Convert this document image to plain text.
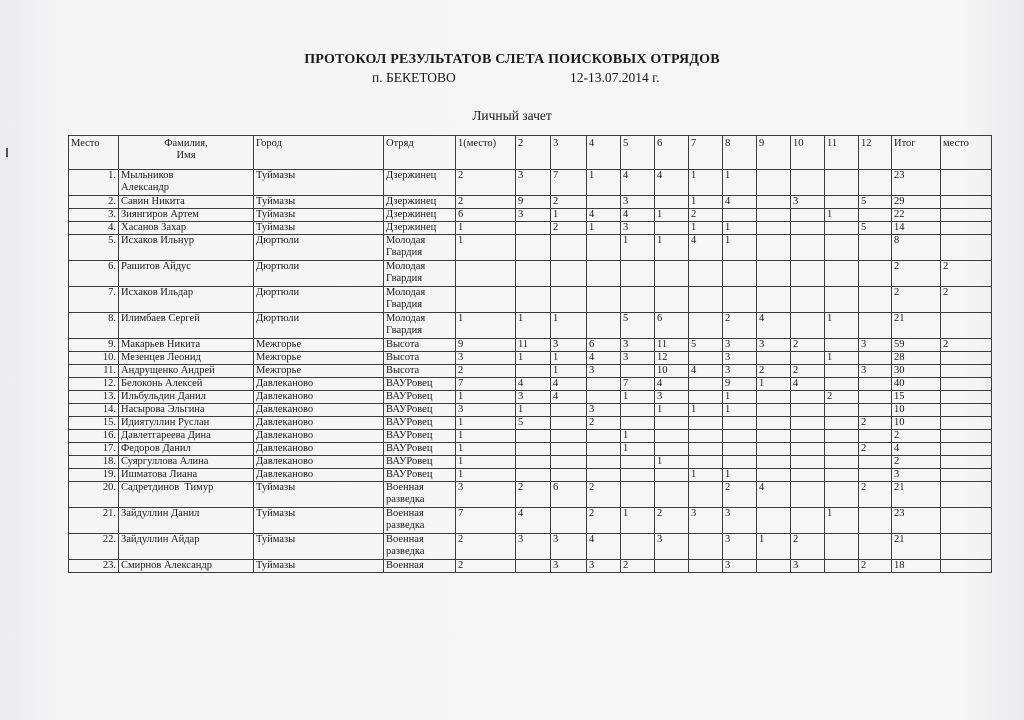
ПРОТОКОЛ РЕЗУЛЬТАТОВ СЛЕТА ПОИСКОВЫХ ОТРЯДОВ
п. БЕКЕТОВО	12-13.07.2014 г.
Личный зачет
Место	Фамилия,
Имя	Город	Отряд	1(место)	2	3	4	5	6	7	8	9	10	11	12	Итог	место
1.	Мыльников
Александр	Туймазы	Дзержинец	2	3	7	1	4	4	1	1					23	
2.	Савин Никита	Туймазы	Дзержинец	2	9	2		3		1	4		3		5	29	
3.	Зиянгиров Артем	Туймазы	Дзержинец	6	3	1	4	4	1	2				1		22	
4.	Хасанов Захар	Туймазы	Дзержинец	1		2	1	3		1	1				5	14	
5.	Исхаков Ильнур	Дюртюли	Молодая
Гвардия	1				1	1	4	1					8	
6.	Рашитов Айдус	Дюртюли	Молодая
Гвардия													2	2
7.	Исхаков Ильдар	Дюртюли	Молодая
Гвардия													2	2
8.	Илимбаев Сергей	Дюртюли	Молодая
Гвардия	1	1	1		5	6		2	4		1		21	
9.	Макарьев Никита	Межгорье	Высота	9	11	3	6	3	11	5	3	3	2		3	59	2
10.	Мезенцев Леонид	Межгорье	Высота	3	1	1	4	3	12		3			1		28	
11.	Андрущенко Андрей	Межгорье	Высота	2		1	3		10	4	3	2	2		3	30	
12.	Белоконь Алексей	Давлеканово	ВАУРовец	7	4	4		7	4		9	1	4			40	
13.	Ильбульдин Данил	Давлеканово	ВАУРовец	1	3	4		1	3		1			2		15	
14.	Насырова Эльгина	Давлеканово	ВАУРовец	3	1		3		1	1	1					10	
15.	Идиятуллин Руслан	Давлеканово	ВАУРовец	1	5		2								2	10	
16.	Давлетгареева Дина	Давлеканово	ВАУРовец	1				1								2	
17.	Федоров Данил	Давлеканово	ВАУРовец	1				1							2	4	
18.	Суяргуллова Алина	Давлеканово	ВАУРовец	1					1							2	
19.	Ишматова Лиана	Давлеканово	ВАУРовец	1						1	1					3	
20.	Садретдинов  Тимур	Туймазы	Военная
разведка	3	2	6	2				2	4			2	21	
21.	Зайдуллин Данил	Туймазы	Военная
разведка	7	4		2	1	2	3	3			1		23	
22.	Зайдуллин Айдар	Туймазы	Военная
разведка	2	3	3	4		3		3	1	2			21	
23.	Смирнов Александр	Туймазы	Военная	2		3	3	2			3		3		2	18	
